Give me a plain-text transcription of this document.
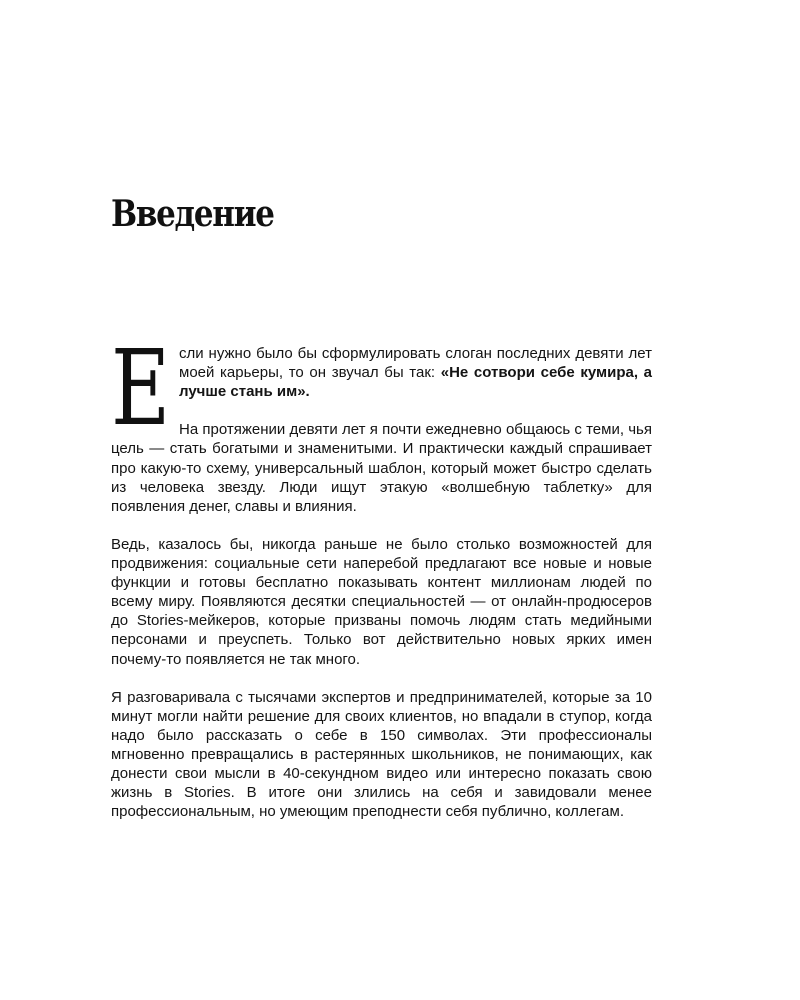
Введение

Если нужно было бы сформулировать слоган последних девяти лет моей карьеры, то он звучал бы так: «Не сотвори себе кумира, а лучше стань им».

На протяжении девяти лет я почти ежедневно общаюсь с теми, чья цель — стать богатыми и знаменитыми. И практически каждый спрашивает про какую-то схему, универсальный шаблон, который может быстро сделать из человека звезду. Люди ищут этакую «волшебную таблетку» для появления денег, славы и влияния.

Ведь, казалось бы, никогда раньше не было столько возможностей для продвижения: социальные сети наперебой предлагают все новые и новые функции и готовы бесплатно показывать контент миллионам людей по всему миру. Появляются десятки специальностей — от онлайн-продюсеров до Stories-мейкеров, которые призваны помочь людям стать медийными персонами и преуспеть. Только вот действительно новых ярких имен почему-то появляется не так много.

Я разговаривала с тысячами экспертов и предпринимателей, которые за 10 минут могли найти решение для своих клиентов, но впадали в ступор, когда надо было рассказать о себе в 150 символах. Эти профессионалы мгновенно превращались в растерянных школьников, не понимающих, как донести свои мысли в 40-секундном видео или интересно показать свою жизнь в Stories. В итоге они злились на себя и завидовали менее профессиональным, но умеющим преподнести себя публично, коллегам.
